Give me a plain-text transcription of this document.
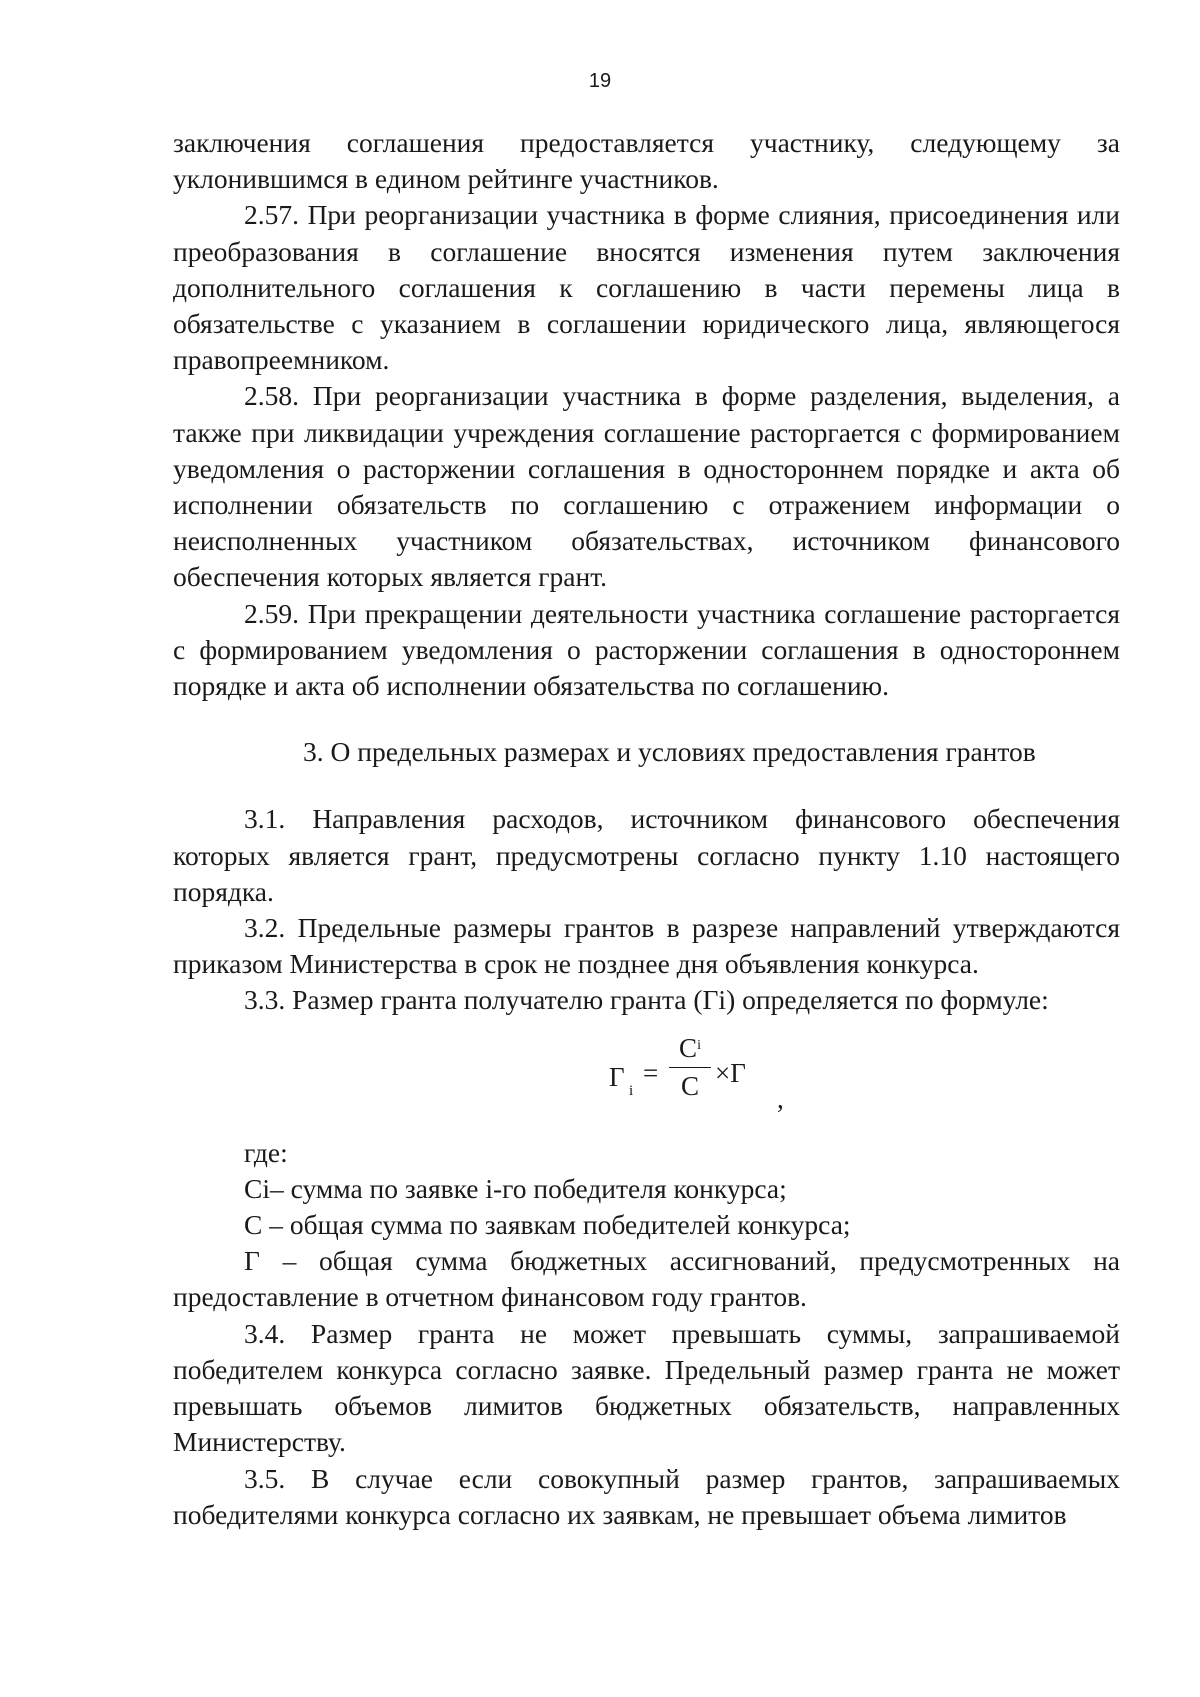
19

заключения соглашения предоставляется участнику, следующему за уклонившимся в едином рейтинге участников.

2.57. При реорганизации участника в форме слияния, присоединения или преобразования в соглашение вносятся изменения путем заключения дополнительного соглашения к соглашению в части перемены лица в обязательстве с указанием в соглашении юридического лица, являющегося правопреемником.

2.58. При реорганизации участника в форме разделения, выделения, а также при ликвидации учреждения соглашение расторгается с формированием уведомления о расторжении соглашения в одностороннем порядке и акта об исполнении обязательств по соглашению с отражением информации о неисполненных участником обязательствах, источником финансового обеспечения которых является грант.

2.59. При прекращении деятельности участника соглашение расторгается с формированием уведомления о расторжении соглашения в одностороннем порядке и акта об исполнении обязательства по соглашению.

3. О предельных размерах и условиях предоставления грантов

3.1. Направления расходов, источником финансового обеспечения которых является грант, предусмотрены согласно пункту 1.10 настоящего порядка.

3.2. Предельные размеры грантов в разрезе направлений утверждаются приказом Министерства в срок не позднее дня объявления конкурса.

3.3. Размер гранта получателю гранта (Гi) определяется по формуле:

Г i
=
$C^i$
C ×Г
,

где:

Ci– сумма по заявке i-го победителя конкурса;

С – общая сумма по заявкам победителей конкурса;

Г – общая сумма бюджетных ассигнований, предусмотренных на предоставление в отчетном финансовом году грантов.

3.4. Размер гранта не может превышать суммы, запрашиваемой победителем конкурса согласно заявке. Предельный размер гранта не может превышать объемов лимитов бюджетных обязательств, направленных Министерству.

3.5. В случае если совокупный размер грантов, запрашиваемых победителями конкурса согласно их заявкам, не превышает объема лимитов
